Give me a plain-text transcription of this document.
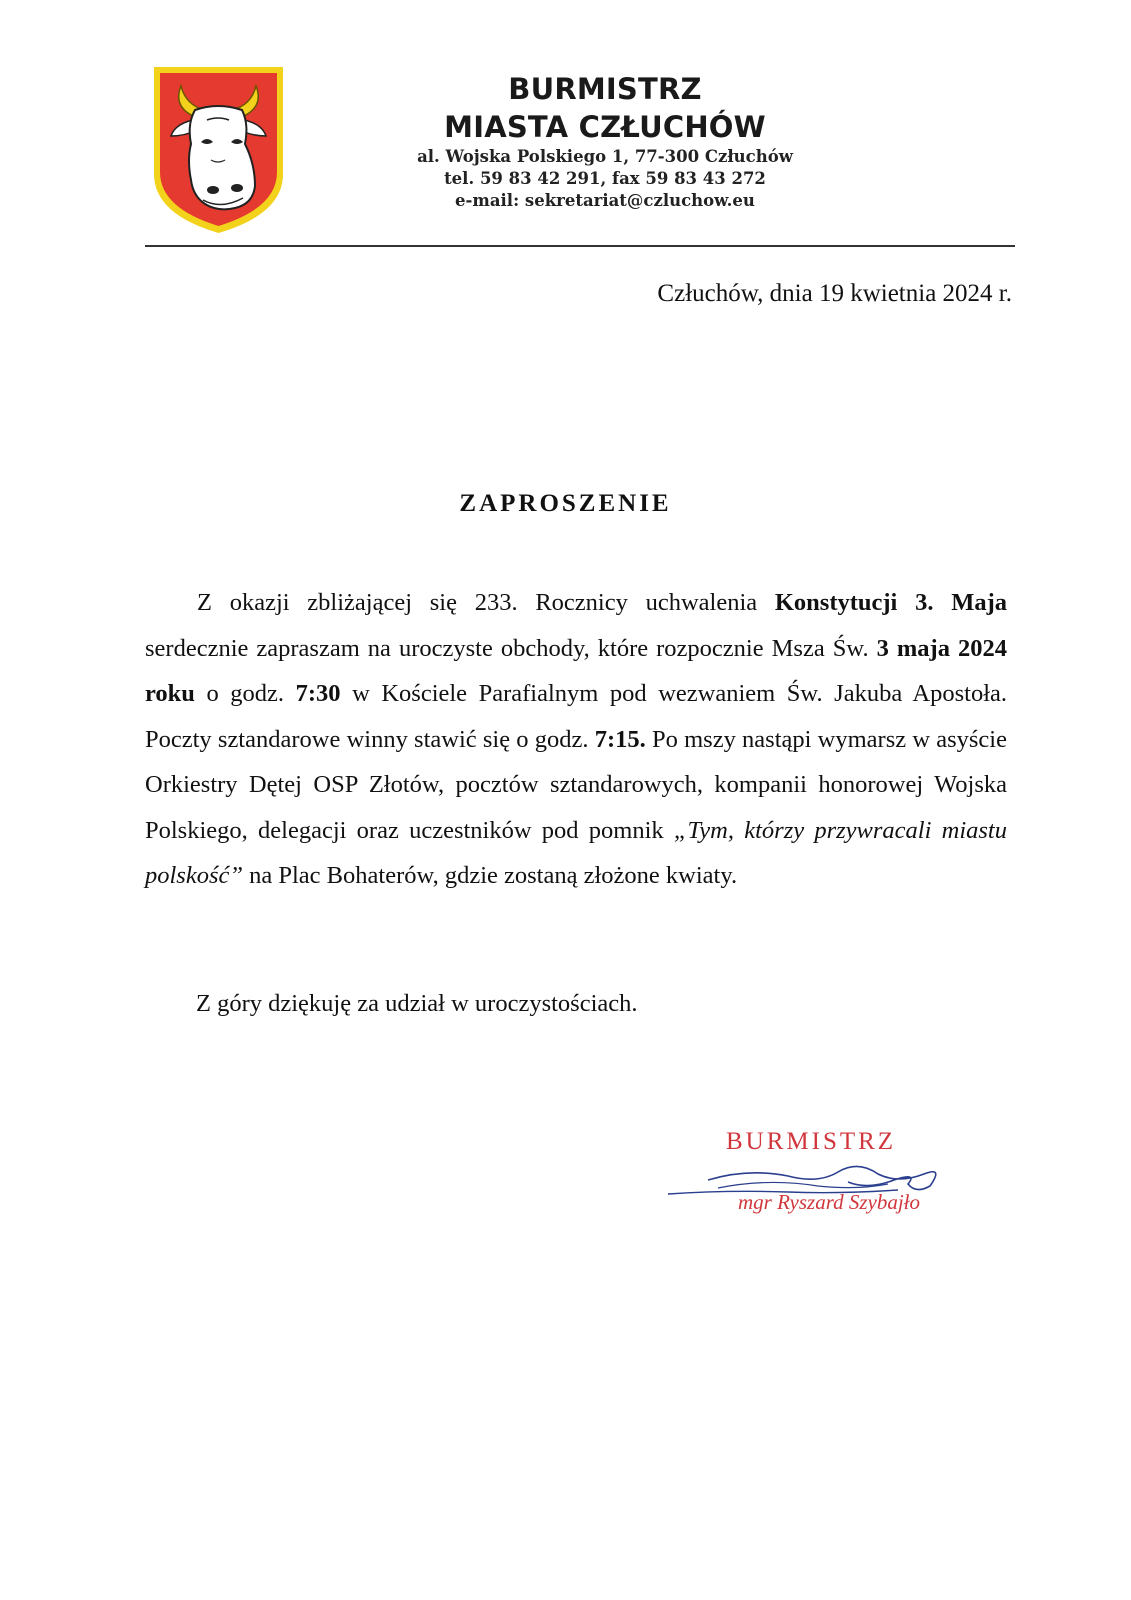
BURMISTRZ
MIASTA CZŁUCHÓW
al. Wojska Polskiego 1, 77-300 Człuchów
tel. 59 83 42 291, fax 59 83 43 272
e-mail: sekretariat@czluchow.eu
Człuchów, dnia 19 kwietnia 2024 r.
ZAPROSZENIE
Z okazji zbliżającej się 233. Rocznicy uchwalenia Konstytucji 3. Maja serdecznie zapraszam na uroczyste obchody, które rozpocznie Msza Św. 3 maja 2024 roku o godz. 7:30 w Kościele Parafialnym pod wezwaniem Św. Jakuba Apostoła. Poczty sztandarowe winny stawić się o godz. 7:15. Po mszy nastąpi wymarsz w asyście Orkiestry Dętej OSP Złotów, pocztów sztandarowych, kompanii honorowej Wojska Polskiego, delegacji oraz uczestników pod pomnik „Tym, którzy przywracali miastu polskość” na Plac Bohaterów, gdzie zostaną złożone kwiaty.
Z góry dziękuję za udział w uroczystościach.
BURMISTRZ
mgr Ryszard Szybajło
